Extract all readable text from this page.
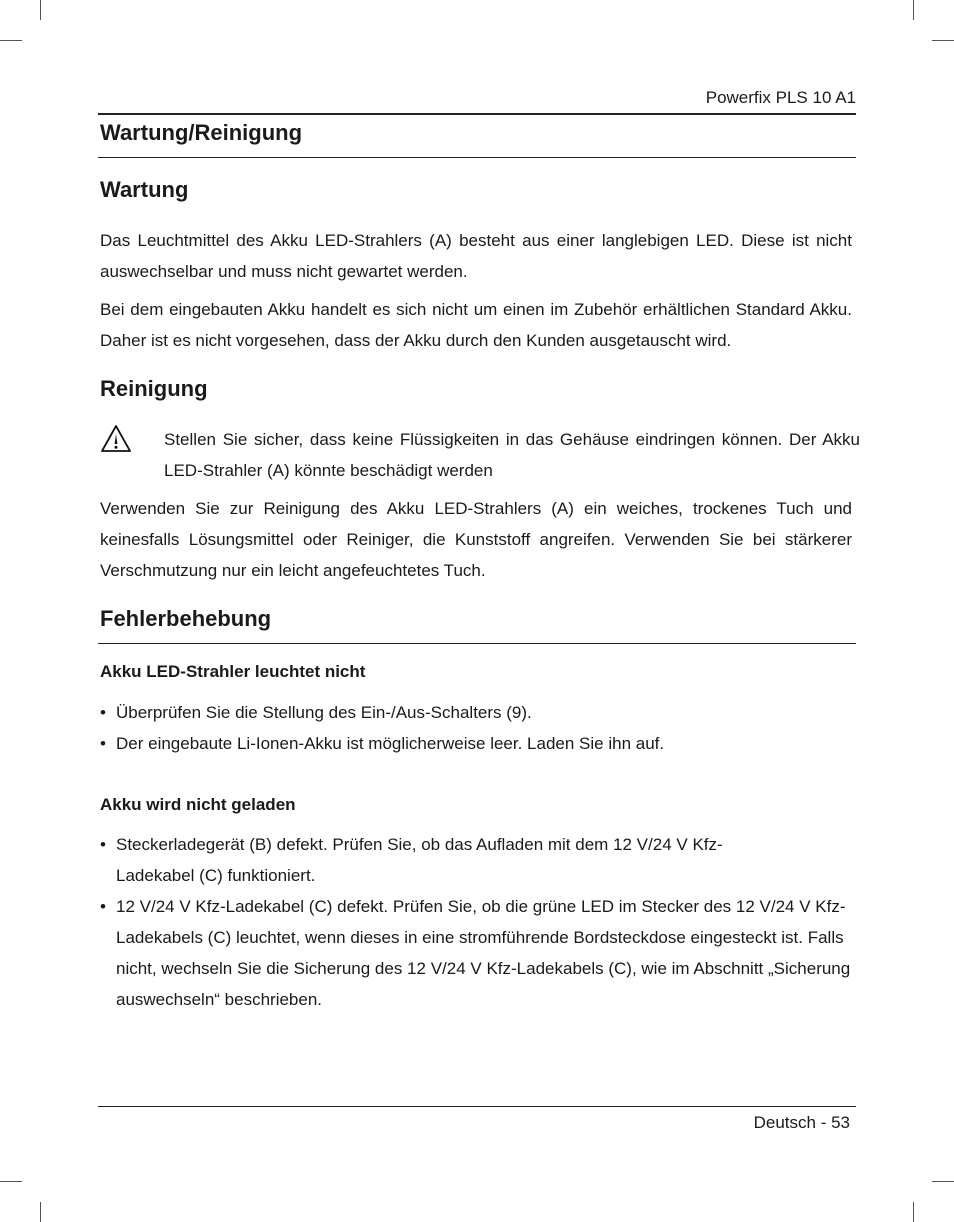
Powerfix PLS 10 A1
Wartung/Reinigung
Wartung

Das Leuchtmittel des Akku LED-Strahlers (A) besteht aus einer langlebigen LED. Diese ist nicht auswechselbar und muss nicht gewartet werden.

Bei dem eingebauten Akku handelt es sich nicht um einen im Zubehör erhältlichen Standard Akku. Daher ist es nicht vorgesehen, dass der Akku durch den Kunden ausgetauscht wird.

Reinigung

Stellen Sie sicher, dass keine Flüssigkeiten in das Gehäuse eindringen können. Der Akku LED-Strahler (A) könnte beschädigt werden

Verwenden Sie zur Reinigung des Akku LED-Strahlers (A) ein weiches, trockenes Tuch und keinesfalls Lösungsmittel oder Reiniger, die Kunststoff angreifen. Verwenden Sie bei stärkerer Verschmutzung nur ein leicht angefeuchtetes Tuch.

Fehlerbehebung
Akku LED-Strahler leuchtet nicht
• Überprüfen Sie die Stellung des Ein-/Aus-Schalters (9).
• Der eingebaute Li-Ionen-Akku ist möglicherweise leer. Laden Sie ihn auf.
Akku wird nicht geladen
• Steckerladegerät (B) defekt. Prüfen Sie, ob das Aufladen mit dem 12 V/24 V Kfz-Ladekabel (C) funktioniert.
• 12 V/24 V Kfz-Ladekabel (C) defekt. Prüfen Sie, ob die grüne LED im Stecker des 12 V/24 V Kfz-Ladekabels (C) leuchtet, wenn dieses in eine stromführende Bordsteckdose eingesteckt ist. Falls nicht, wechseln Sie die Sicherung des 12 V/24 V Kfz-Ladekabels (C), wie im Abschnitt „Sicherung auswechseln“ beschrieben.
Deutsch - 53
